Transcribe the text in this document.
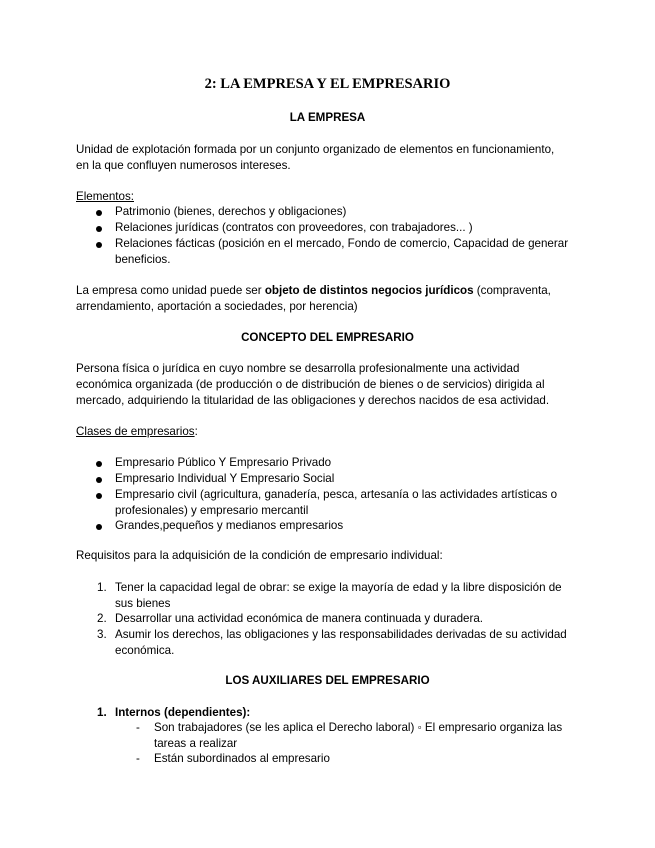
2: LA EMPRESA Y EL EMPRESARIO

LA EMPRESA

Unidad de explotación formada por un conjunto organizado de elementos en funcionamiento,

en la que confluyen numerosos intereses.

Elementos:

Patrimonio (bienes, derechos y obligaciones)

Relaciones jurídicas (contratos con proveedores, con trabajadores... )

Relaciones fácticas (posición en el mercado, Fondo de comercio, Capacidad de generar

beneficios.

La empresa como unidad puede ser objeto de distintos negocios jurídicos (compraventa,

arrendamiento, aportación a sociedades, por herencia)

CONCEPTO DEL EMPRESARIO

Persona física o jurídica en cuyo nombre se desarrolla profesionalmente una actividad

económica organizada (de producción o de distribución de bienes o de servicios) dirigida al

mercado, adquiriendo la titularidad de las obligaciones y derechos nacidos de esa actividad.

Clases de empresarios:

Empresario Público Y Empresario Privado

Empresario Individual Y Empresario Social

Empresario civil (agricultura, ganadería, pesca, artesanía o las actividades artísticas o

profesionales) y empresario mercantil

Grandes,pequeños y medianos empresarios

Requisitos para la adquisición de la condición de empresario individual:

1. Tener la capacidad legal de obrar: se exige la mayoría de edad y la libre disposición de

sus bienes

2. Desarrollar una actividad económica de manera continuada y duradera.

3. Asumir los derechos, las obligaciones y las responsabilidades derivadas de su actividad

económica.

LOS AUXILIARES DEL EMPRESARIO

1. Internos (dependientes):

- Son trabajadores (se les aplica el Derecho laboral) ◦ El empresario organiza las

tareas a realizar

- Están subordinados al empresario
